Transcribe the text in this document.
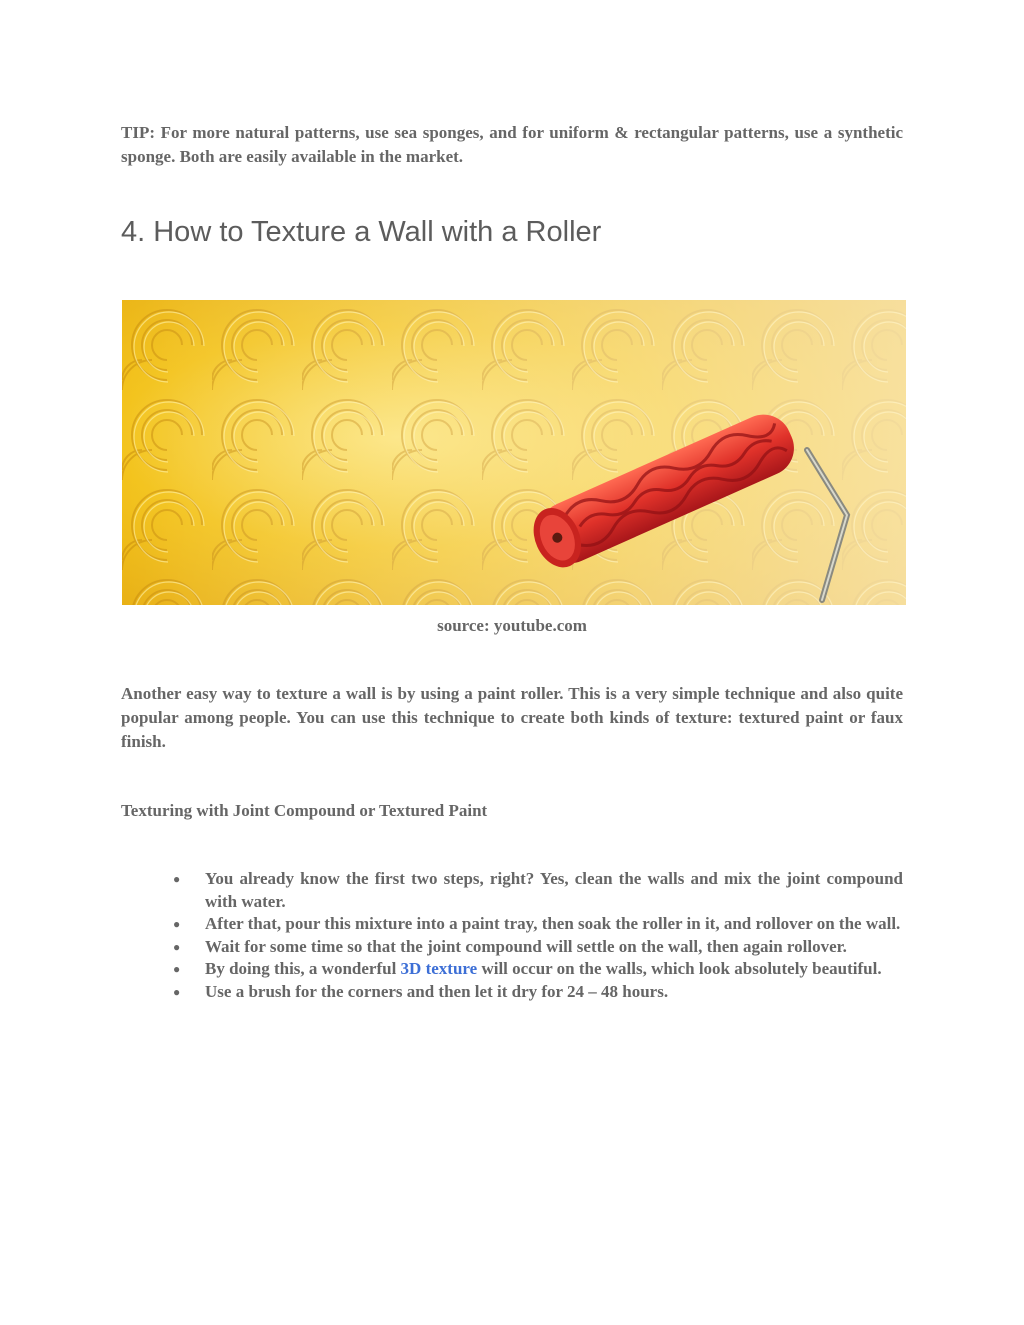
TIP: For more natural patterns, use sea sponges, and for uniform & rectangular patterns, use a synthetic sponge. Both are easily available in the market.

4. How to Texture a Wall with a Roller

source: youtube.com

Another easy way to texture a wall is by using a paint roller. This is a very simple technique and also quite popular among people. You can use this technique to create both kinds of texture: textured paint or faux finish.

Texturing with Joint Compound or Textured Paint

● You already know the first two steps, right? Yes, clean the walls and mix the joint compound with water.
● After that, pour this mixture into a paint tray, then soak the roller in it, and rollover on the wall.
● Wait for some time so that the joint compound will settle on the wall, then again rollover.
● By doing this, a wonderful 3D texture will occur on the walls, which look absolutely beautiful.
● Use a brush for the corners and then let it dry for 24 – 48 hours.
